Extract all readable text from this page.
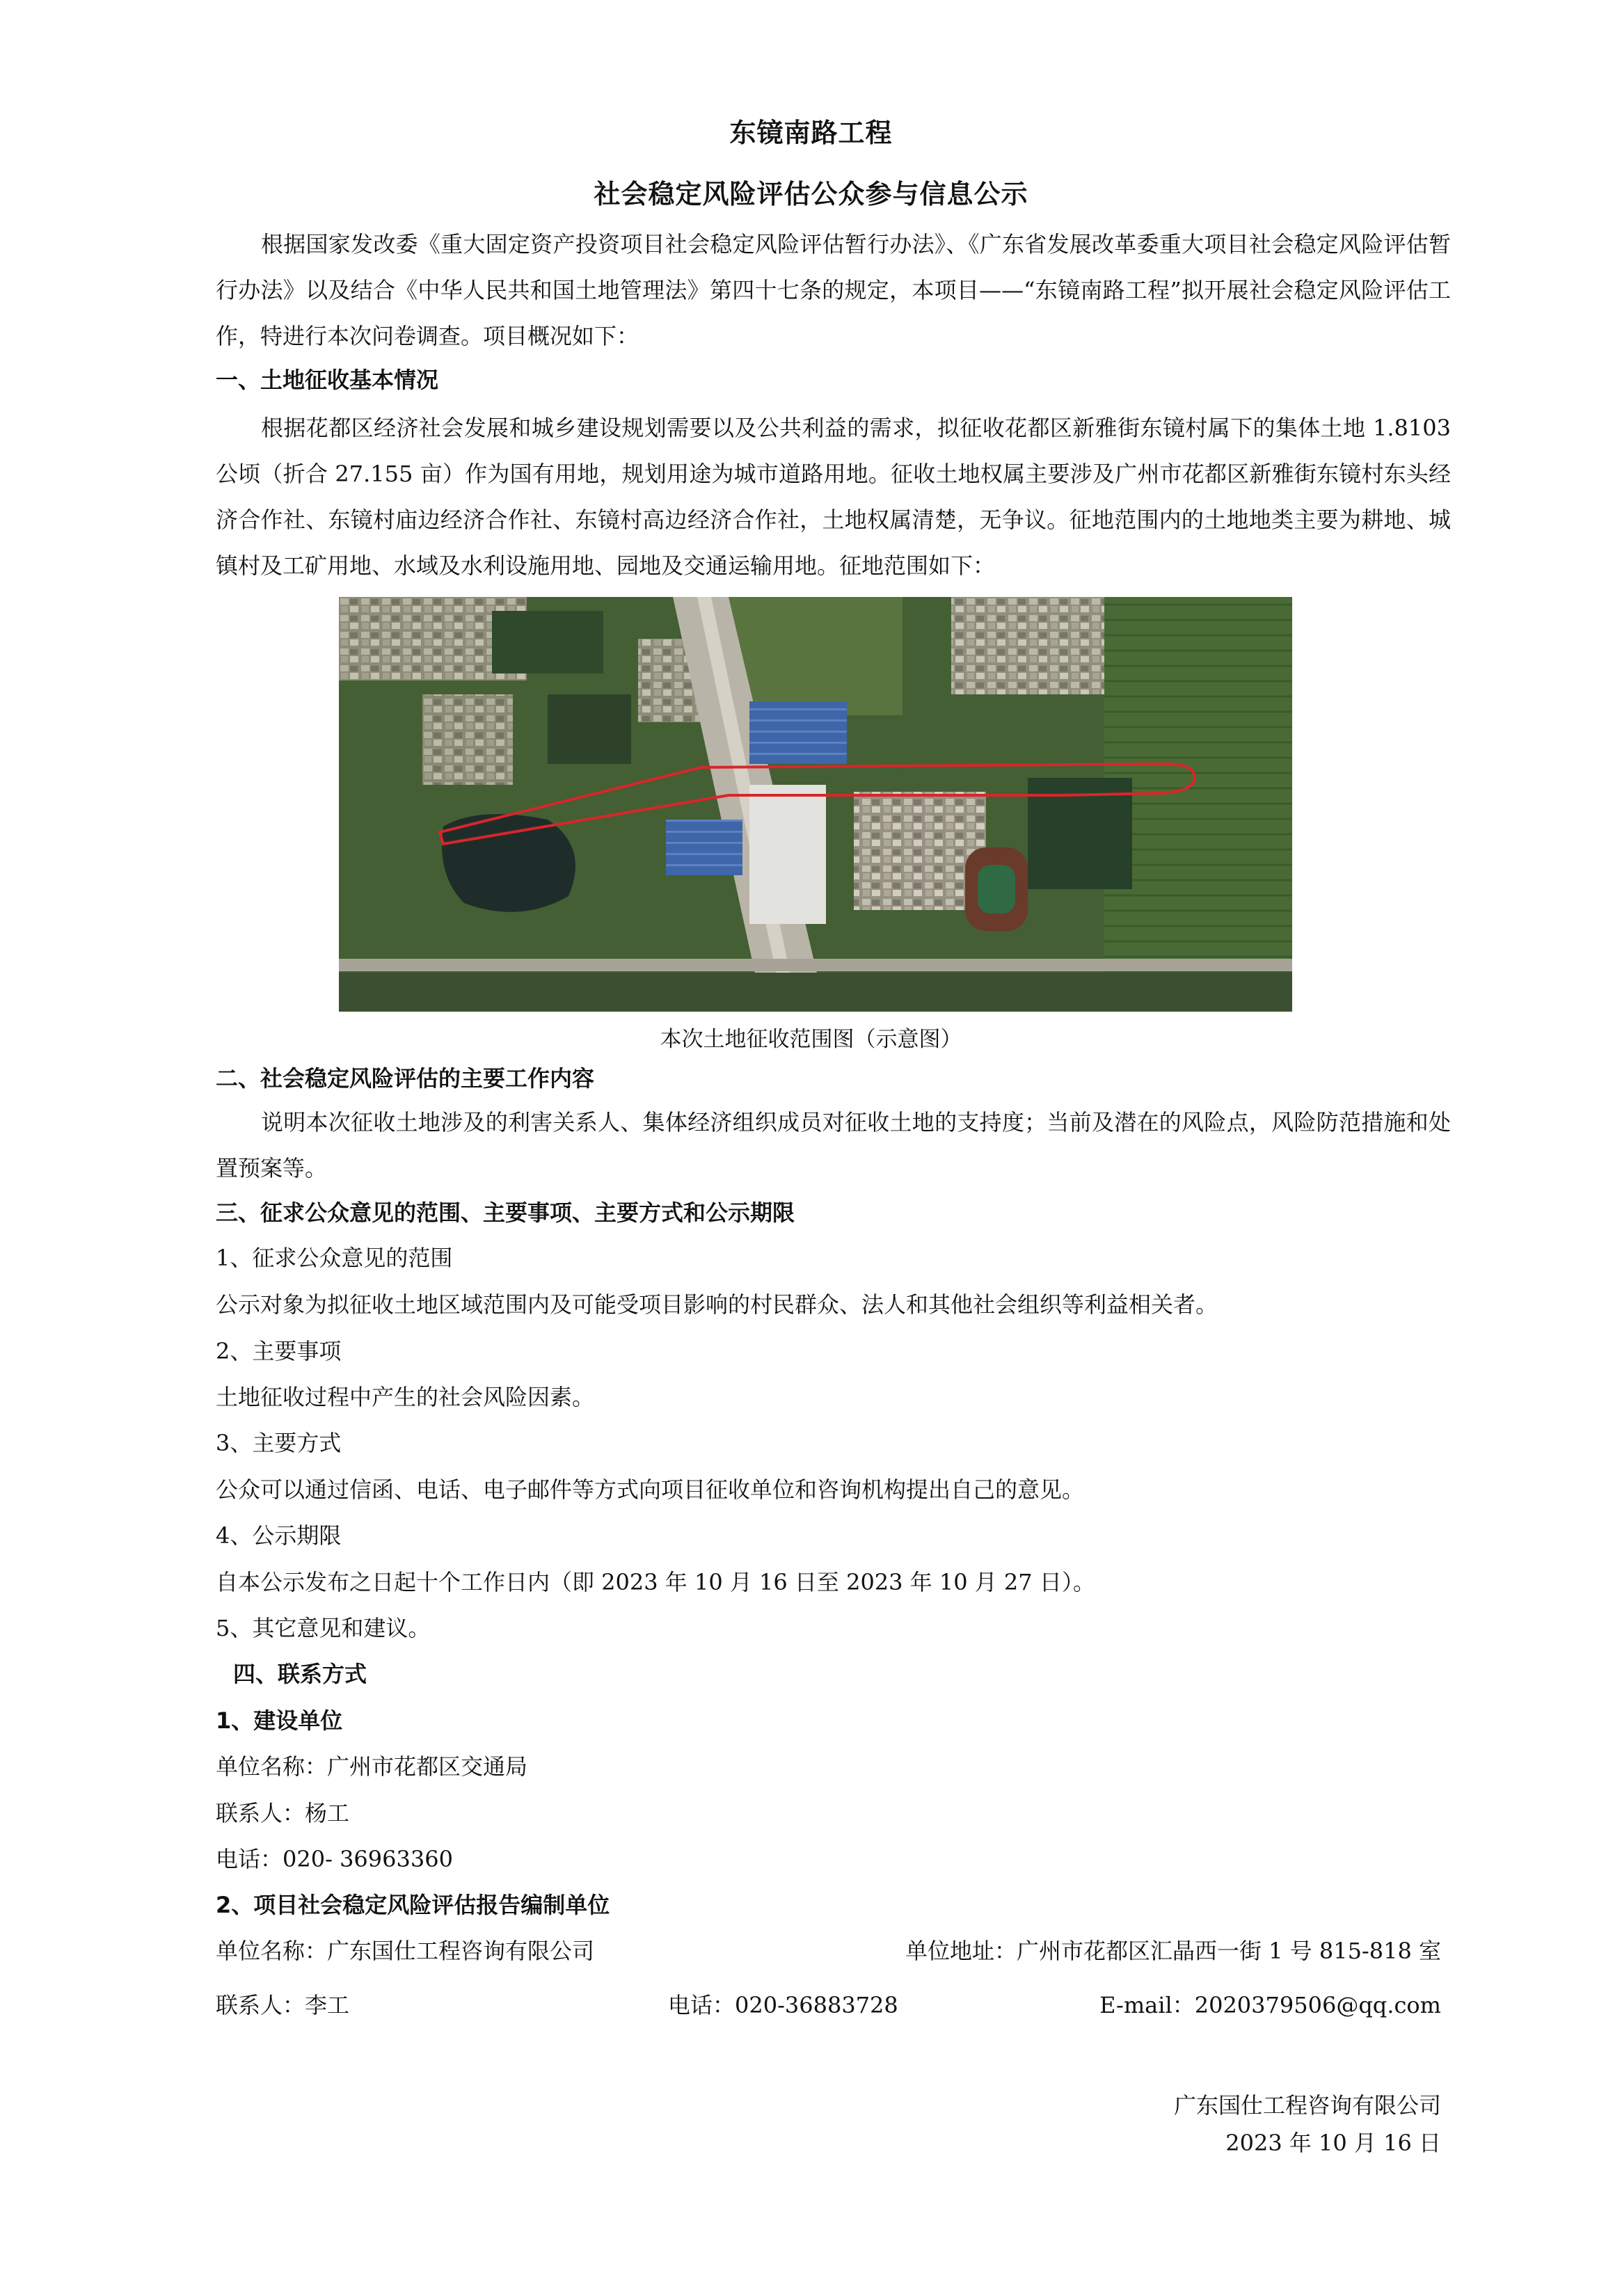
东镜南路工程
社会稳定风险评估公众参与信息公示

根据国家发改委《重大固定资产投资项目社会稳定风险评估暂行办法》、《广东省发展改革委重大项目社会稳定风险评估暂行办法》以及结合《中华人民共和国土地管理法》第四十七条的规定，本项目——“东镜南路工程”拟开展社会稳定风险评估工作，特进行本次问卷调查。项目概况如下：

一、土地征收基本情况

根据花都区经济社会发展和城乡建设规划需要以及公共利益的需求，拟征收花都区新雅街东镜村属下的集体土地 1.8103 公顷（折合 27.155 亩）作为国有用地，规划用途为城市道路用地。征收土地权属主要涉及广州市花都区新雅街东镜村东头经济合作社、东镜村庙边经济合作社、东镜村高边经济合作社，土地权属清楚，无争议。征地范围内的土地地类主要为耕地、城镇村及工矿用地、水域及水利设施用地、园地及交通运输用地。征地范围如下：

本次土地征收范围图（示意图）
二、社会稳定风险评估的主要工作内容

说明本次征收土地涉及的利害关系人、集体经济组织成员对征收土地的支持度；当前及潜在的风险点，风险防范措施和处置预案等。

三、征求公众意见的范围、主要事项、主要方式和公示期限
1、征求公众意见的范围
公示对象为拟征收土地区域范围内及可能受项目影响的村民群众、法人和其他社会组织等利益相关者。
2、主要事项
土地征收过程中产生的社会风险因素。
3、主要方式
公众可以通过信函、电话、电子邮件等方式向项目征收单位和咨询机构提出自己的意见。
4、公示期限
自本公示发布之日起十个工作日内（即 2023 年 10 月 16 日至 2023 年 10 月 27 日）。
5、其它意见和建议。
四、联系方式
1、建设单位
单位名称：广州市花都区交通局
联系人：杨工
电话：020- 36963360
2、项目社会稳定风险评估报告编制单位
单位名称：广东国仕工程咨询有限公司	单位地址：广州市花都区汇晶西一街 1 号 815-818 室
联系人：李工	电话：020-36883728	E-mail：2020379506@qq.com
广东国仕工程咨询有限公司
2023 年 10 月 16 日
